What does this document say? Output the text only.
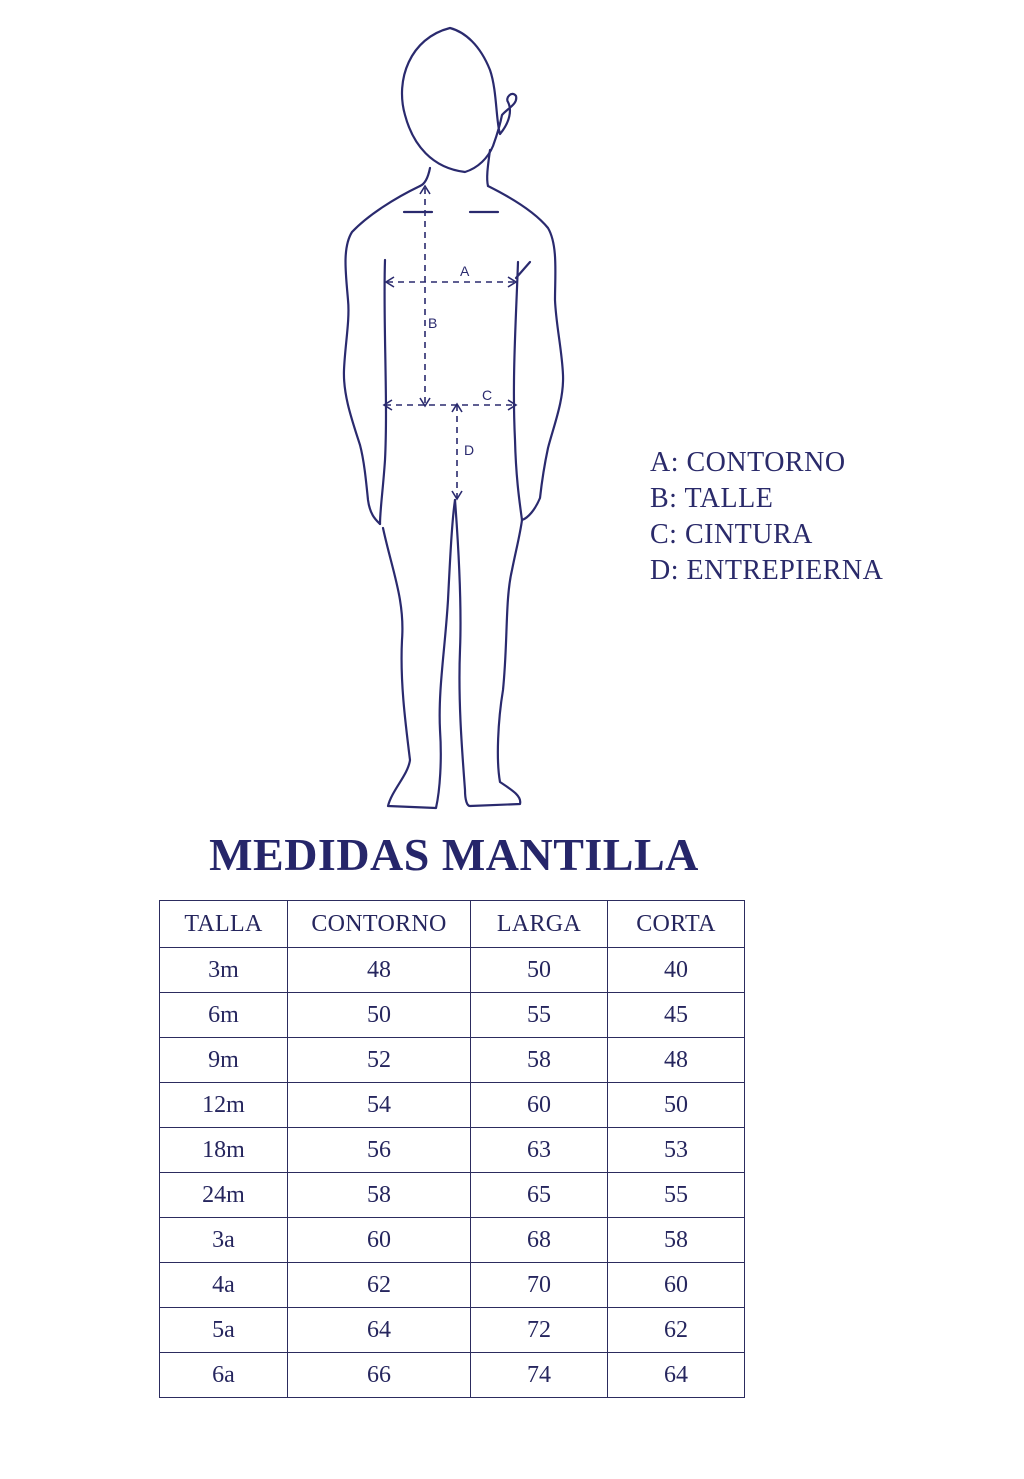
A
B
C
D	A: CONTORNO
B: TALLE
C: CINTURA
D: ENTREPIERNA
MEDIDAS MANTILLA
TALLA	CONTORNO	LARGA	CORTA
3m	48	50	40
6m	50	55	45
9m	52	58	48
12m	54	60	50
18m	56	63	53
24m	58	65	55
3a	60	68	58
4a	62	70	60
5a	64	72	62
6a	66	74	64
